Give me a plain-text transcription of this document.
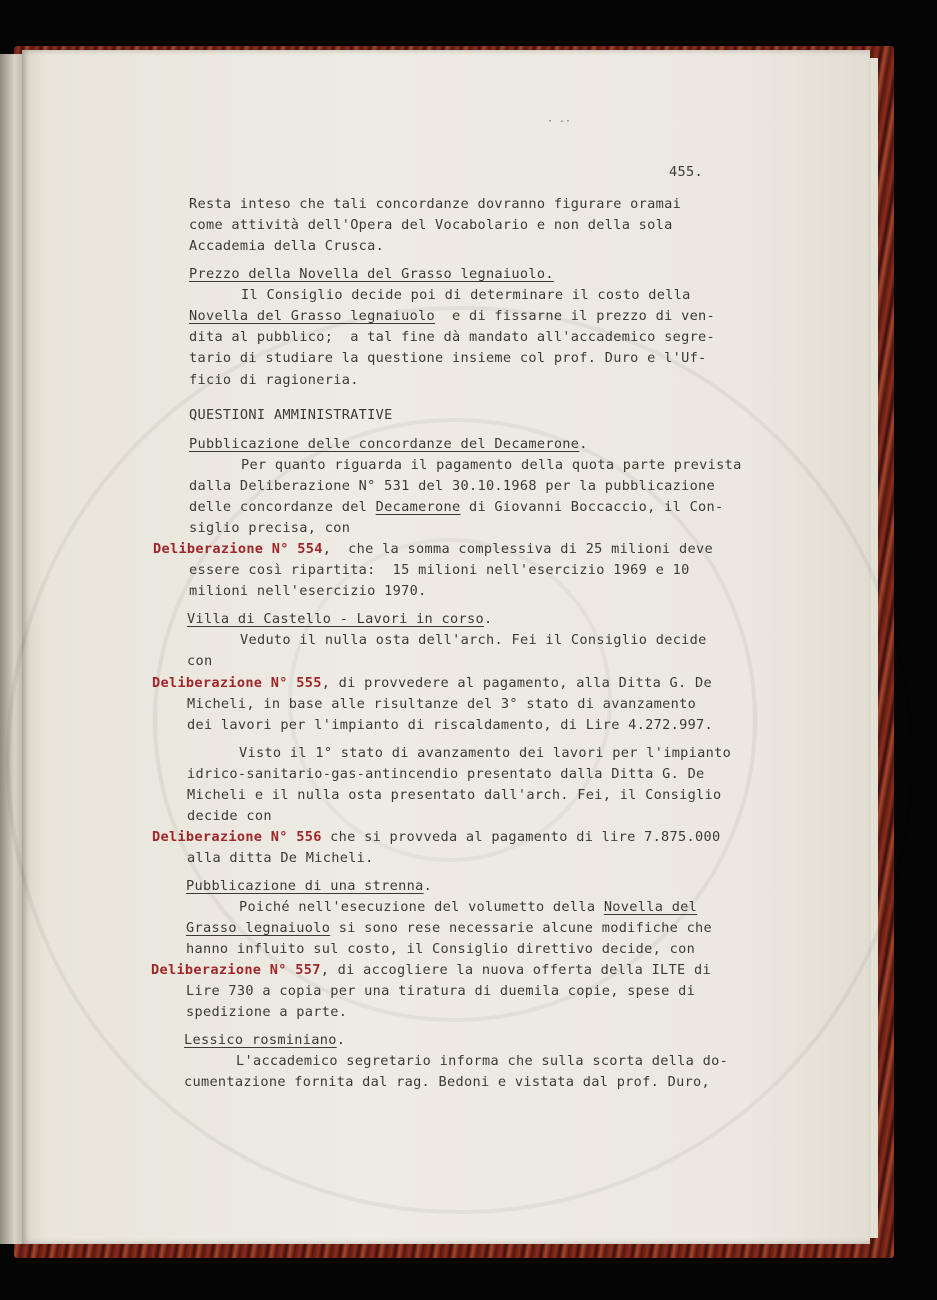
· -·
455.
Resta inteso che tali concordanze dovranno figurare oramai
come attività dell'Opera del Vocabolario e non della sola
Accademia della Crusca.
Prezzo della Novella del Grasso legnaiuolo.
Il Consiglio decide poi di determinare il costo della
Novella del Grasso legnaiuolo  e di fissarne il prezzo di ven-
dita al pubblico;  a tal fine dà mandato all'accademico segre-
tario di studiare la questione insieme col prof. Duro e l'Uf-
ficio di ragioneria.
QUESTIONI AMMINISTRATIVE
Pubblicazione delle concordanze del Decamerone.
Per quanto riguarda il pagamento della quota parte prevista
dalla Deliberazione N° 531 del 30.10.1968 per la pubblicazione
delle concordanze del Decamerone di Giovanni Boccaccio, il Con-
siglio precisa, con
Deliberazione N° 554,  che la somma complessiva di 25 milioni deve
essere così ripartita:  15 milioni nell'esercizio 1969 e 10
milioni nell'esercizio 1970.
Villa di Castello - Lavori in corso.
Veduto il nulla osta dell'arch. Fei il Consiglio decide
con
Deliberazione N° 555, di provvedere al pagamento, alla Ditta G. De
Micheli, in base alle risultanze del 3° stato di avanzamento
dei lavori per l'impianto di riscaldamento, di Lire 4.272.997.
Visto il 1° stato di avanzamento dei lavori per l'impianto
idrico-sanitario-gas-antincendio presentato dalla Ditta G. De
Micheli e il nulla osta presentato dall'arch. Fei, il Consiglio
decide con
Deliberazione N° 556 che si provveda al pagamento di lire 7.875.000
alla ditta De Micheli.
Pubblicazione di una strenna.
Poiché nell'esecuzione del volumetto della Novella del
Grasso legnaiuolo si sono rese necessarie alcune modifiche che
hanno influito sul costo, il Consiglio direttivo decide, con
Deliberazione N° 557, di accogliere la nuova offerta della ILTE di
Lire 730 a copia per una tiratura di duemila copie, spese di
spedizione a parte.
Lessico rosminiano.
L'accademico segretario informa che sulla scorta della do-
cumentazione fornita dal rag. Bedoni e vistata dal prof. Duro,
